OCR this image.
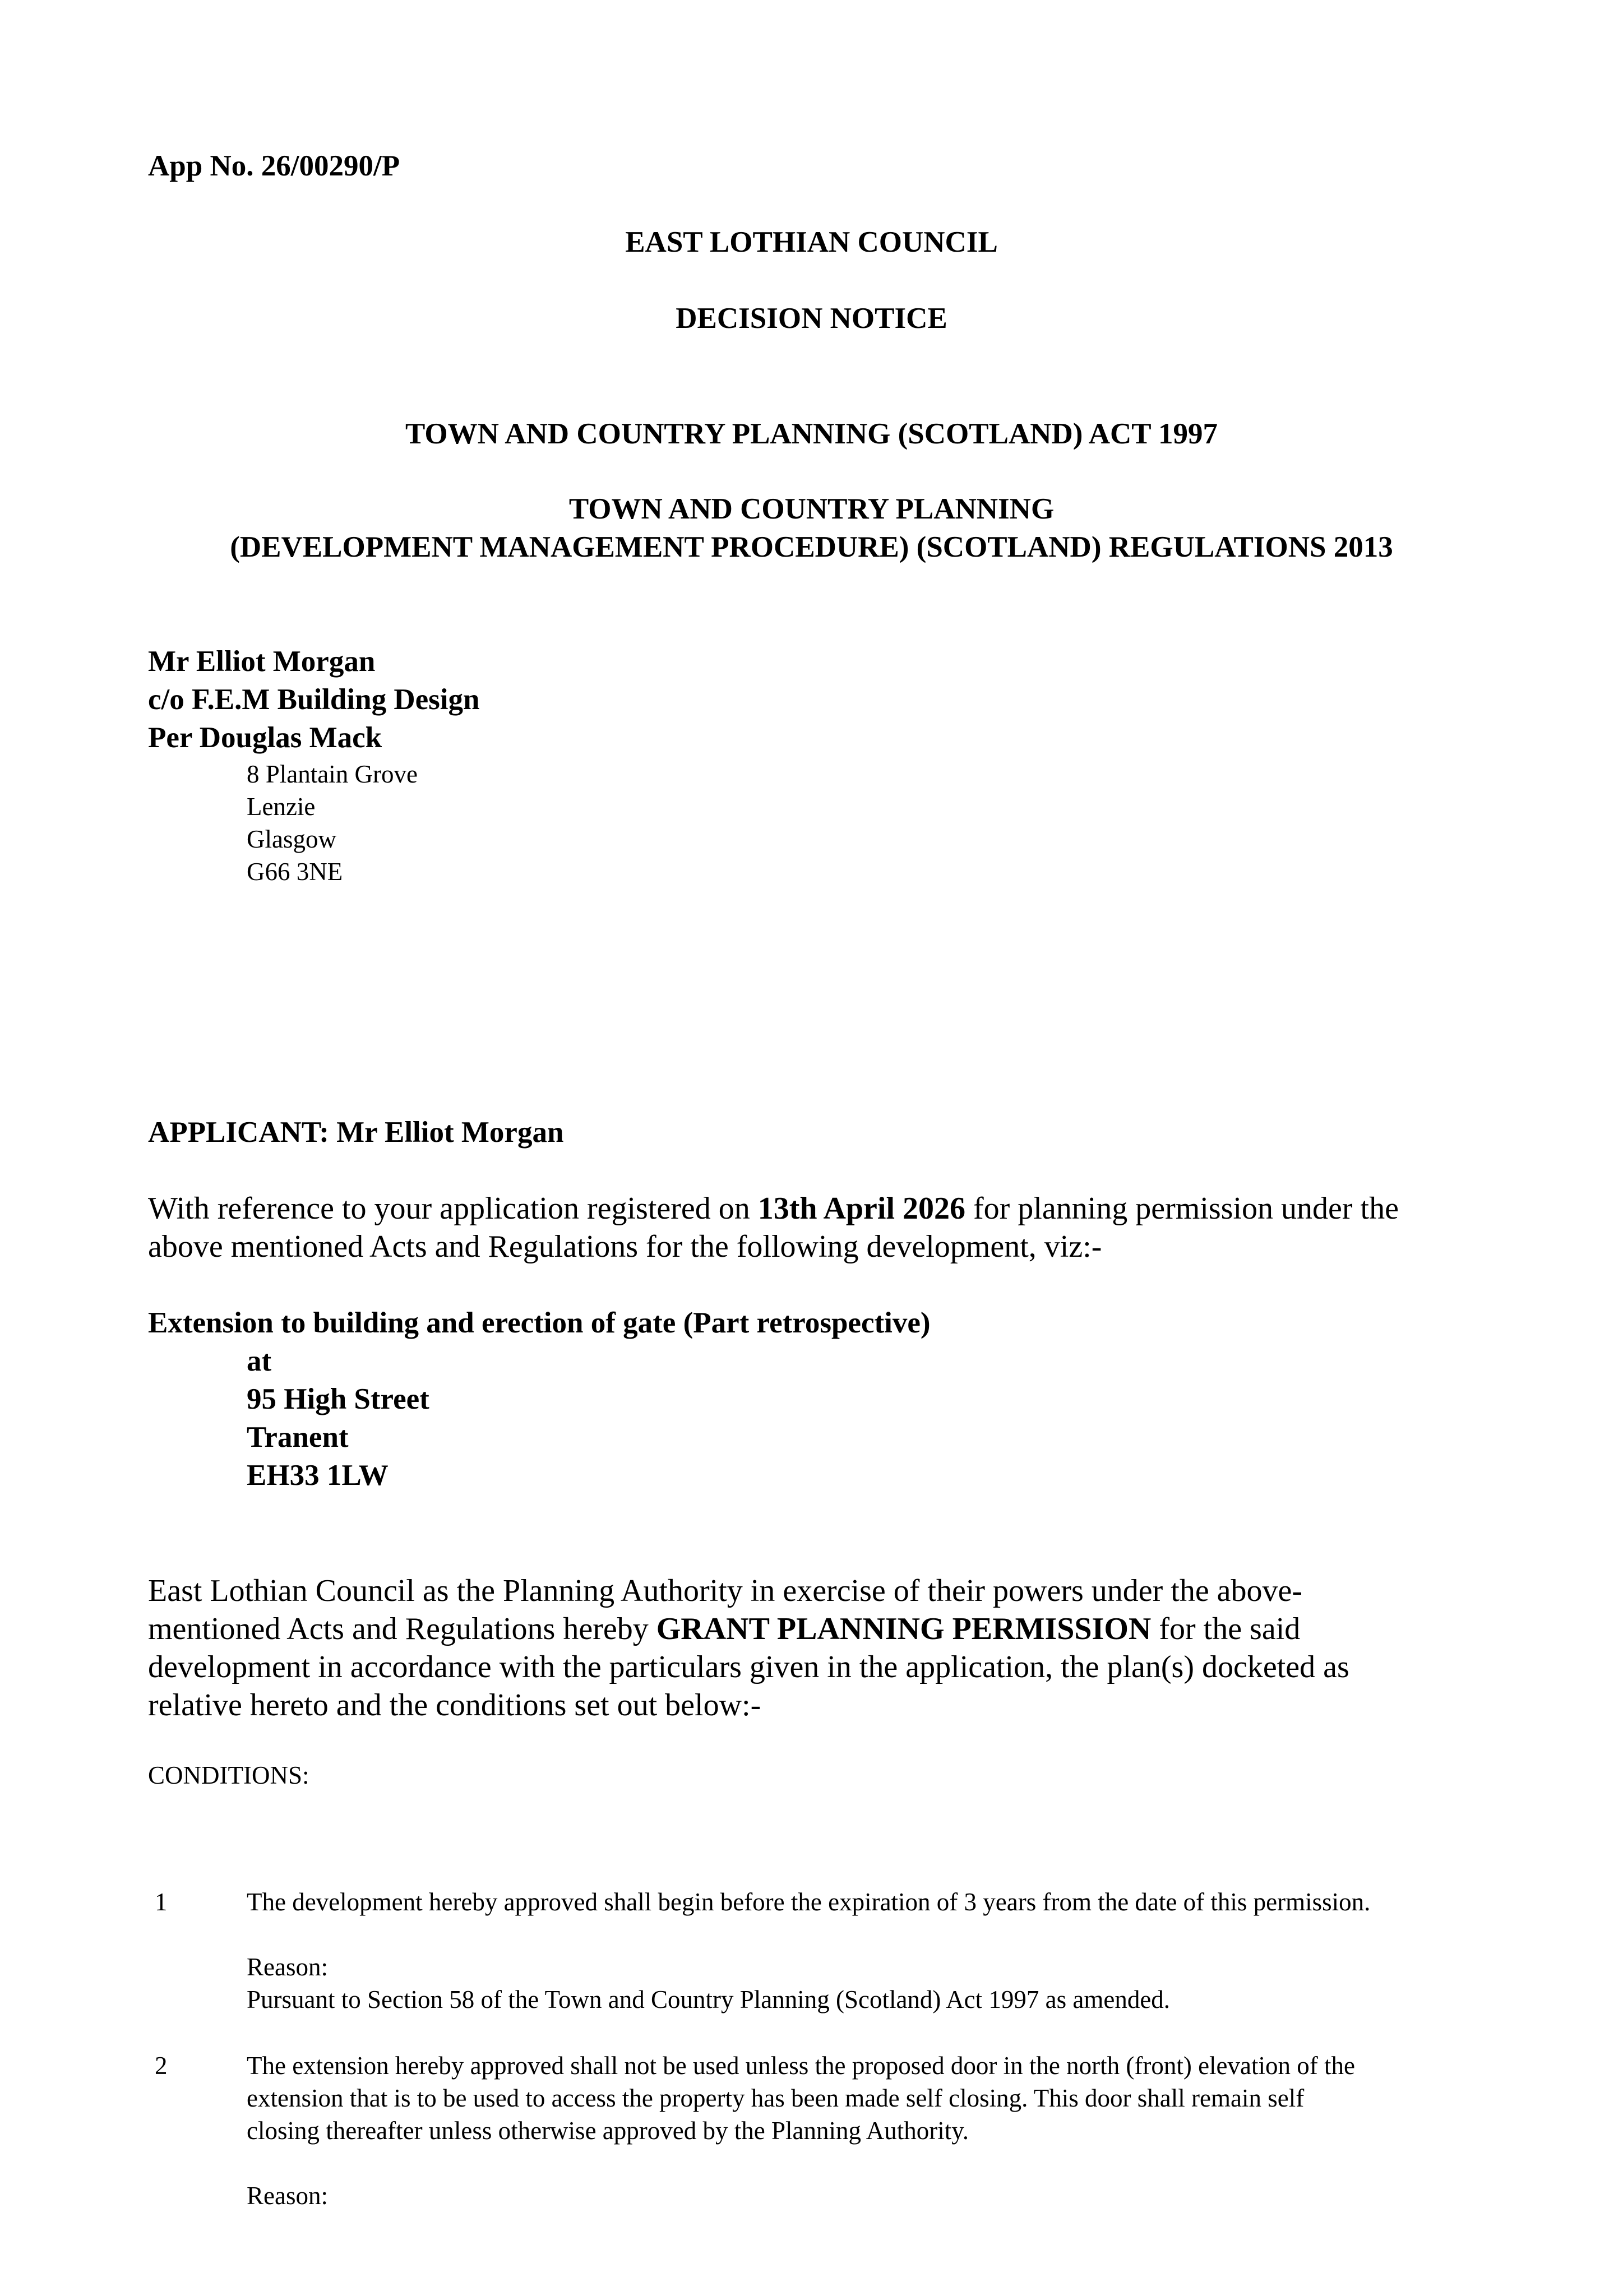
App No. 26/00290/P
EAST LOTHIAN COUNCIL
DECISION NOTICE
TOWN AND COUNTRY PLANNING (SCOTLAND) ACT 1997
TOWN AND COUNTRY PLANNING
(DEVELOPMENT MANAGEMENT PROCEDURE) (SCOTLAND) REGULATIONS 2013
Mr Elliot Morgan
c/o F.E.M Building Design
Per Douglas Mack
8 Plantain Grove
Lenzie
Glasgow
G66 3NE
APPLICANT: Mr Elliot Morgan
With reference to your application registered on 13th April 2026 for planning permission under the
above mentioned Acts and Regulations for the following development, viz:-
Extension to building and erection of gate (Part retrospective)
at
95 High Street
Tranent
EH33 1LW
East Lothian Council as the Planning Authority in exercise of their powers under the above-
mentioned Acts and Regulations hereby GRANT PLANNING PERMISSION for the said
development in accordance with the particulars given in the application, the plan(s) docketed as
relative hereto and the conditions set out below:-
CONDITIONS:
1	The development hereby approved shall begin before the expiration of 3 years from the date of this permission.
Reason:
Pursuant to Section 58 of the Town and Country Planning (Scotland) Act 1997 as amended.
2	The extension hereby approved shall not be used unless the proposed door in the north (front) elevation of the
extension that is to be used to access the property has been made self closing. This door shall remain self
closing thereafter unless otherwise approved by the Planning Authority.
Reason:
